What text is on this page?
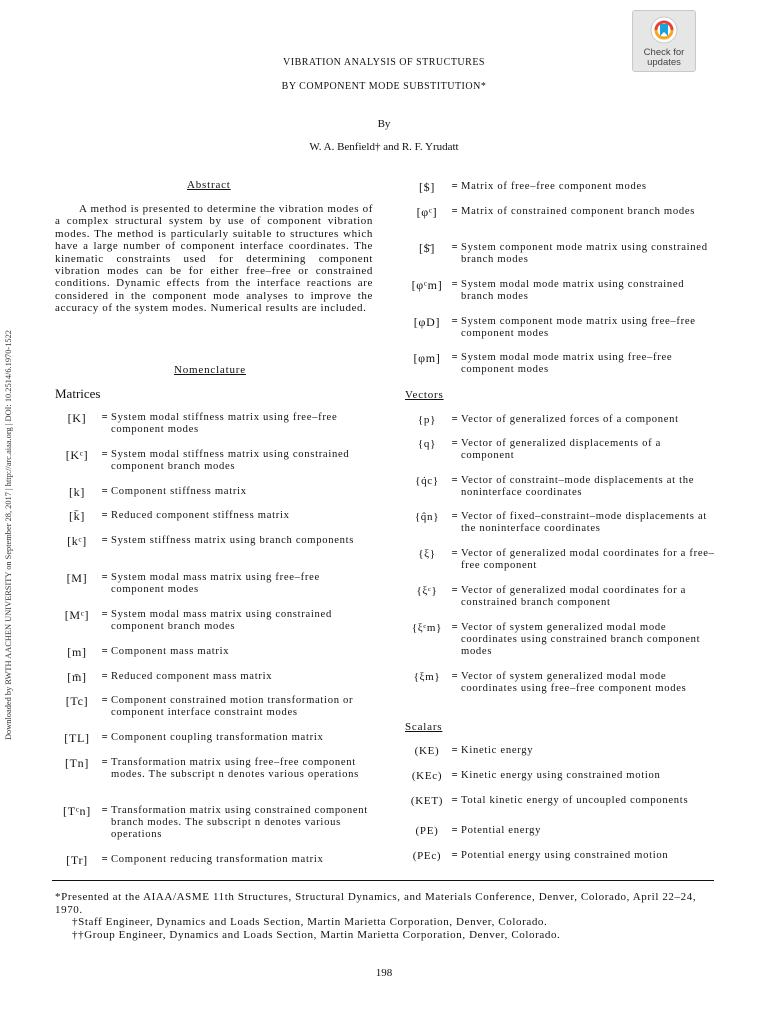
Check for
updates
Downloaded by RWTH AACHEN UNIVERSITY on September 28, 2017 | http://arc.aiaa.org | DOI: 10.2514/6.1970-1522
VIBRATION ANALYSIS OF STRUCTURES
BY COMPONENT MODE SUBSTITUTION*
By
W. A. Benfield† and R. F. Yrudatt
Abstract
A method is presented to determine the vibration modes of a complex structural system by use of component vibration modes. The method is particularly suitable to structures which have a large number of component interface coordinates. The kinematic constraints used for determining component vibration modes can be for either free–free or constrained conditions. Dynamic effects from the interface reactions are considered in the component mode analyses to improve the accuracy of the system modes. Numerical results are included.
Nomenclature
Matrices
[K]	= System modal stiffness matrix using free–free component modes
[Kᶜ]	= System modal stiffness matrix using constrained component branch modes
[k]	= Component stiffness matrix
[k̄]	= Reduced component stiffness matrix
[kᶜ]	= System stiffness matrix using branch components
[M]	= System modal mass matrix using free–free component modes
[Mᶜ]	= System modal mass matrix using constrained component branch modes
[m]	= Component mass matrix
[m̄]	= Reduced component mass matrix
[Tc]	= Component constrained motion transformation or component interface constraint modes
[TL]	= Component coupling transformation matrix
[Tn]	= Transformation matrix using free–free component modes. The subscript n denotes various operations
[Tᶜn]	= Transformation matrix using constrained component branch modes. The subscript n denotes various operations
[Tr]	= Component reducing transformation matrix
[$]	= Matrix of free–free component modes
[φᶜ]	= Matrix of constrained component branch modes
[$̄]	= System component mode matrix using constrained branch modes
[φᶜm] = System modal mode matrix using constrained branch modes
[φD]	= System component mode matrix using free–free component modes
[φm]	= System modal mode matrix using free–free component modes
Vectors
{p}	= Vector of generalized forces of a component
{q}	= Vector of generalized displacements of a component
{q̇c}	= Vector of constraint–mode displacements at the noninterface coordinates
{q̂n}	= Vector of fixed–constraint–mode displacements at the noninterface coordinates
{ξ}	= Vector of generalized modal coordinates for a free–free component
{ξᶜ}	= Vector of generalized modal coordinates for a constrained branch component
{ξᶜm} = Vector of system generalized modal mode coordinates using constrained branch component modes
{ξm}	= Vector of system generalized modal mode coordinates using free–free component modes
Scalars
(KE)	= Kinetic energy
(KEc) = Kinetic energy using constrained motion
(KET) = Total kinetic energy of uncoupled components
(PE)	= Potential energy
(PEc) = Potential energy using constrained motion
*Presented at the AIAA/ASME 11th Structures, Structural Dynamics, and Materials Conference, Denver, Colorado, April 22–24, 1970.
†Staff Engineer, Dynamics and Loads Section, Martin Marietta Corporation, Denver, Colorado.
††Group Engineer, Dynamics and Loads Section, Martin Marietta Corporation, Denver, Colorado.
198
